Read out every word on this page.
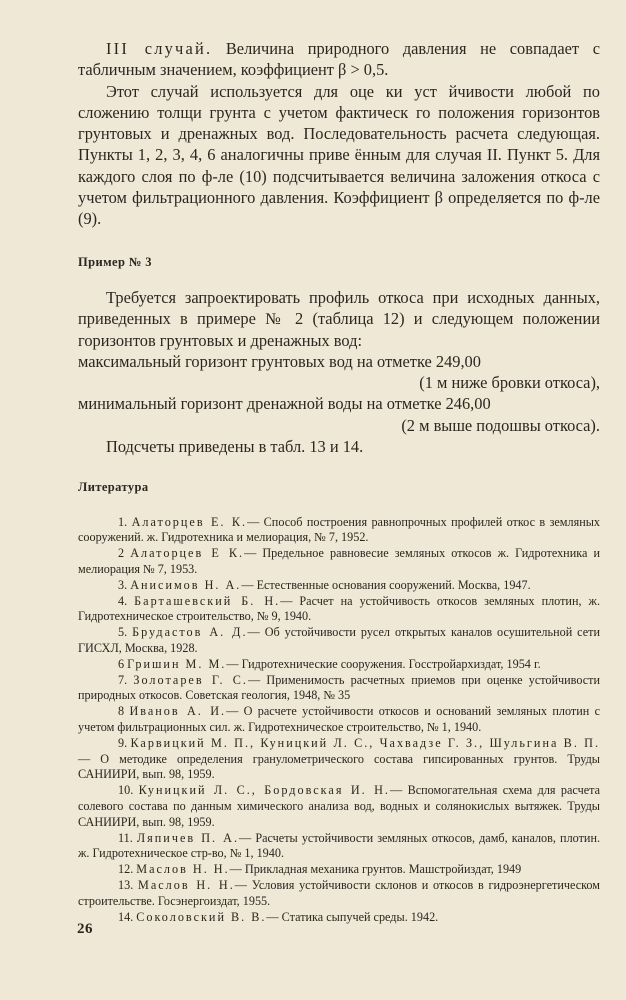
III случай. Величина природного давления не совпадает с табличным значением, коэффициент β > 0,5.

Этот случай используется для оце ки уст йчивости любой по сложению толщи грунта с учетом фактическ го положения горизонтов грунтовых и дренажных вод. Последовательность расчета следующая. Пункты 1, 2, 3, 4, 6 аналогичны приве ённым для случая II. Пункт 5. Для каждого слоя по ф-ле (10) подсчитывается величина заложения откоса с учетом фильтрационного давления. Коэффициент β определяется по ф-ле (9).

Пример № 3

Требуется запроектировать профиль откоса при исходных данных, приведенных в примере № 2 (таблица 12) и следующем положении горизонтов грунтовых и дренажных вод:

максимальный горизонт грунтовых вод на отметке 249,00

(1 м ниже бровки откоса),

минимальный горизонт дренажной воды на отметке 246,00

(2 м выше подошвы откоса).

Подсчеты приведены в табл. 13 и 14.

Литература

1. Алаторцев Е. К.— Способ построения равнопрочных профилей откос в земляных сооружений. ж. Гидротехника и мелиорация, № 7, 1952.

2 Алаторцев Е К.— Предельное равновесие земляных откосов ж. Гидротехника и мелиорация № 7, 1953.

3. Анисимов Н. А.— Естественные основания сооружений. Москва, 1947.

4. Барташевский Б. Н.— Расчет на устойчивость откосов земляных плотин, ж. Гидротехническое строительство, № 9, 1940.

5. Брудастов А. Д.— Об устойчивости русел открытых каналов осушительной сети ГИСХЛ, Москва, 1928.

6 Гришин М. М.— Гидротехнические сооружения. Госстройархиздат, 1954 г.

7. Золотарев Г. С.— Применимость расчетных приемов при оценке устойчивости природных откосов. Советская геология, 1948, № 35

8 Иванов А. И.— О расчете устойчивости откосов и оснований земляных плотин с учетом фильтрационных сил. ж. Гидротехническое строительство, № 1, 1940.

9. Карвицкий М. П., Куницкий Л. С., Чахвадзе Г. З., Шульгина В. П.— О методике определения гранулометрического состава гипсированных грунтов. Труды САНИИРИ, вып. 98, 1959.

10. Куницкий Л. С., Бордовская И. Н.— Вспомогательная схема для расчета солевого состава по данным химического анализа вод, водных и солянокислых вытяжек. Труды САНИИРИ, вып. 98, 1959.

11. Ляпичев П. А.— Расчеты устойчивости земляных откосов, дамб, каналов, плотин. ж. Гидротехническое стр-во, № 1, 1940.

12. Маслов Н. Н.— Прикладная механика грунтов. Машстройиздат, 1949

13. Маслов Н. Н.— Условия устойчивости склонов и откосов в гидроэнергетическом строительстве. Госэнергоиздат, 1955.

14. Соколовский В. В.— Статика сыпучей среды. 1942.

26
